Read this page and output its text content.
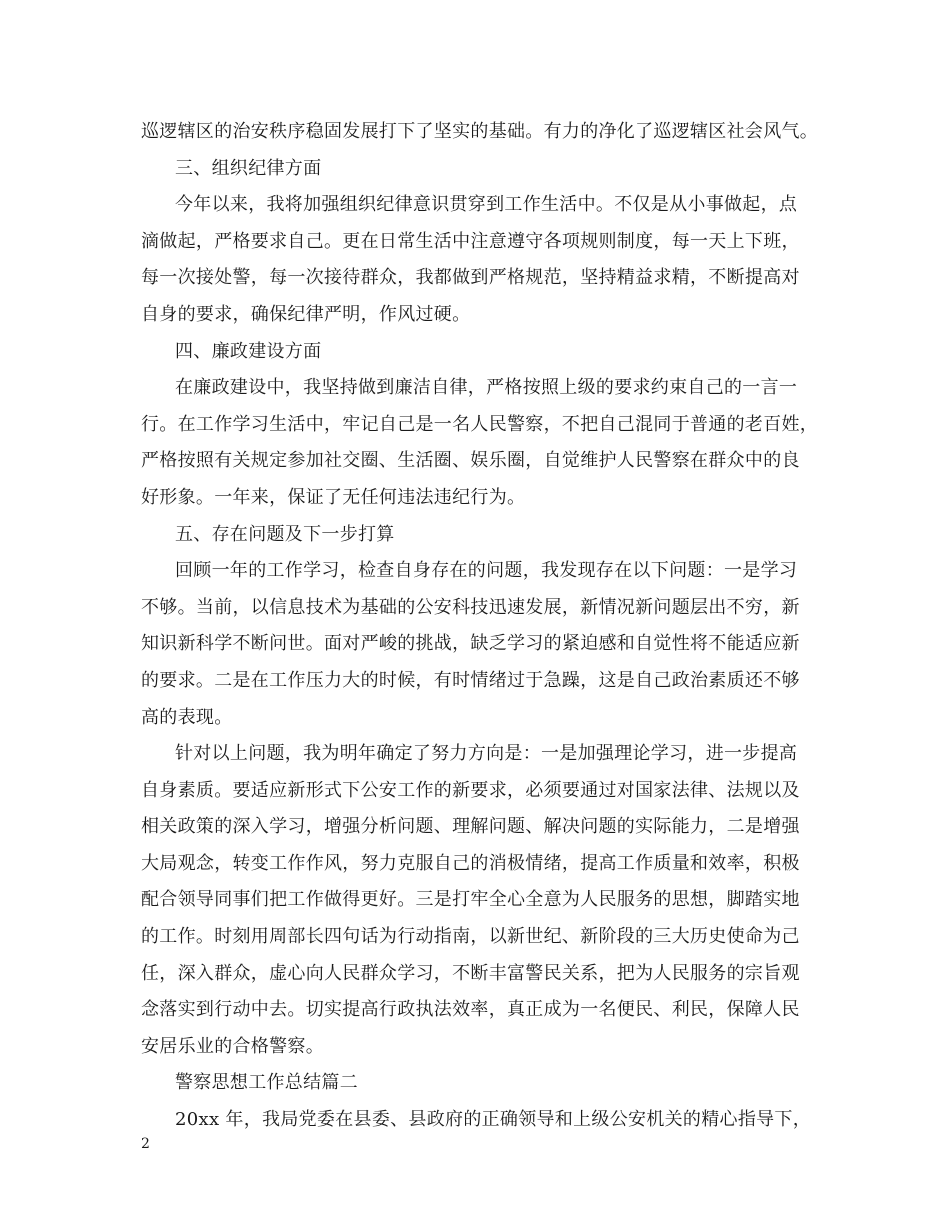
巡逻辖区的治安秩序稳固发展打下了坚实的基础。有力的净化了巡逻辖区社会风气。
三、组织纪律方面
今年以来，我将加强组织纪律意识贯穿到工作生活中。不仅是从小事做起，点
滴做起，严格要求自己。更在日常生活中注意遵守各项规则制度，每一天上下班，
每一次接处警，每一次接待群众，我都做到严格规范，坚持精益求精，不断提高对
自身的要求，确保纪律严明，作风过硬。
四、廉政建设方面
在廉政建设中，我坚持做到廉洁自律，严格按照上级的要求约束自己的一言一
行。在工作学习生活中，牢记自己是一名人民警察，不把自己混同于普通的老百姓，
严格按照有关规定参加社交圈、生活圈、娱乐圈，自觉维护人民警察在群众中的良
好形象。一年来，保证了无任何违法违纪行为。
五、存在问题及下一步打算
回顾一年的工作学习，检查自身存在的问题，我发现存在以下问题：一是学习
不够。当前，以信息技术为基础的公安科技迅速发展，新情况新问题层出不穷，新
知识新科学不断问世。面对严峻的挑战，缺乏学习的紧迫感和自觉性将不能适应新
的要求。二是在工作压力大的时候，有时情绪过于急躁，这是自己政治素质还不够
高的表现。
针对以上问题，我为明年确定了努力方向是：一是加强理论学习，进一步提高
自身素质。要适应新形式下公安工作的新要求，必须要通过对国家法律、法规以及
相关政策的深入学习，增强分析问题、理解问题、解决问题的实际能力，二是增强
大局观念，转变工作作风，努力克服自己的消极情绪，提高工作质量和效率，积极
配合领导同事们把工作做得更好。三是打牢全心全意为人民服务的思想，脚踏实地
的工作。时刻用周部长四句话为行动指南，以新世纪、新阶段的三大历史使命为己
任，深入群众，虚心向人民群众学习，不断丰富警民关系，把为人民服务的宗旨观
念落实到行动中去。切实提高行政执法效率，真正成为一名便民、利民，保障人民
安居乐业的合格警察。
警察思想工作总结篇二
20xx 年，我局党委在县委、县政府的正确领导和上级公安机关的精心指导下，
2
